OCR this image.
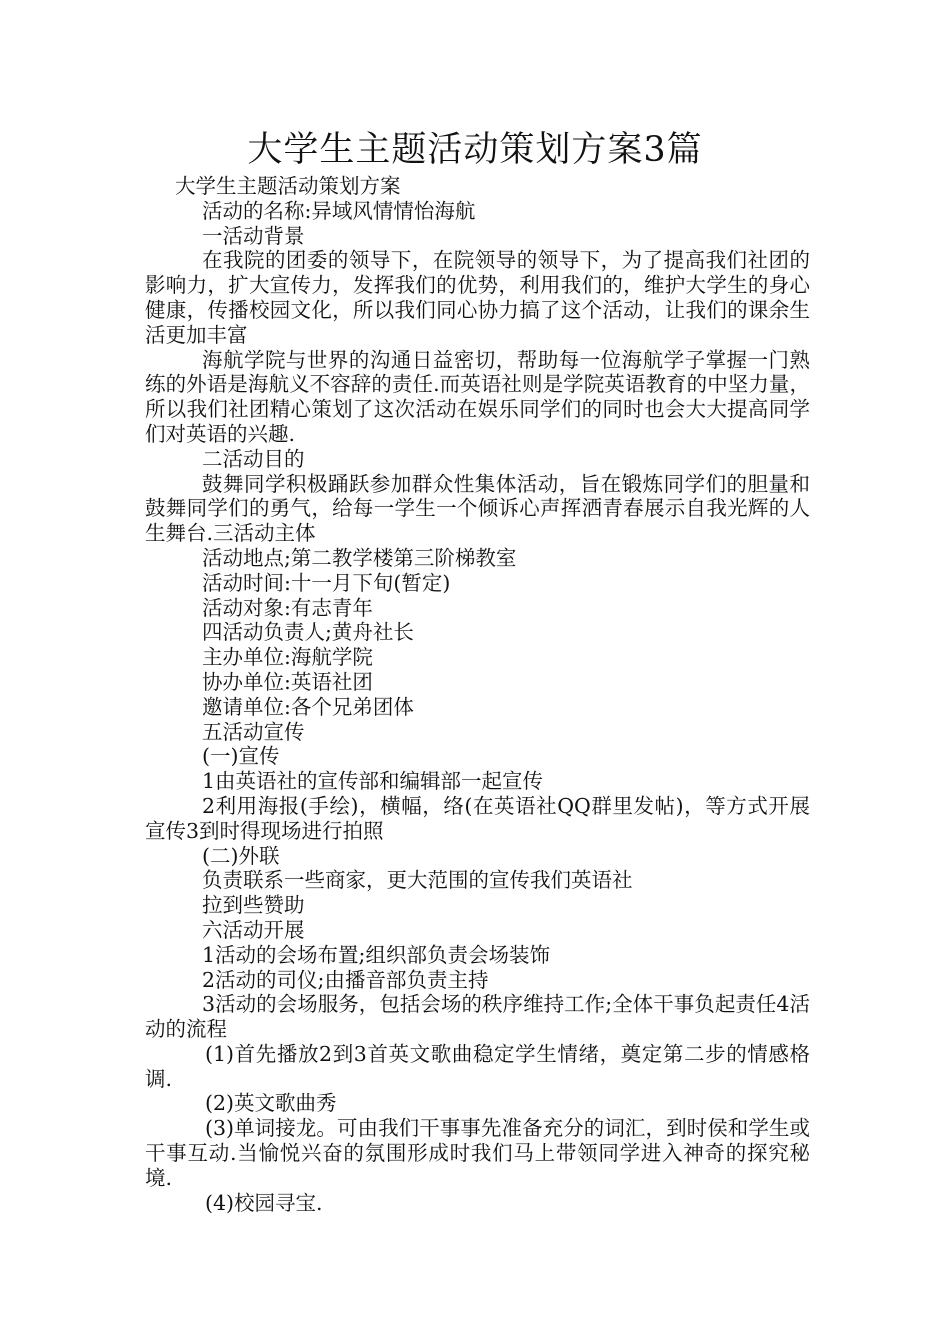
大学生主题活动策划方案3篇

大学生主题活动策划方案

活动的名称:异域风情情怡海航

一活动背景

在我院的团委的领导下，在院领导的领导下，为了提高我们社团的影响力，扩大宣传力，发挥我们的优势，利用我们的，维护大学生的身心健康，传播校园文化，所以我们同心协力搞了这个活动，让我们的课余生活更加丰富

海航学院与世界的沟通日益密切，帮助每一位海航学子掌握一门熟练的外语是海航义不容辞的责任.而英语社则是学院英语教育的中坚力量，所以我们社团精心策划了这次活动在娱乐同学们的同时也会大大提高同学们对英语的兴趣.

二活动目的

鼓舞同学积极踊跃参加群众性集体活动，旨在锻炼同学们的胆量和鼓舞同学们的勇气，给每一学生一个倾诉心声挥洒青春展示自我光辉的人生舞台.三活动主体

活动地点;第二教学楼第三阶梯教室

活动时间:十一月下旬(暂定)

活动对象:有志青年

四活动负责人;黄舟社长

主办单位:海航学院

协办单位:英语社团

邀请单位:各个兄弟团体

五活动宣传

(一)宣传

1由英语社的宣传部和编辑部一起宣传

2利用海报(手绘)，横幅，络(在英语社QQ群里发帖)，等方式开展宣传3到时得现场进行拍照

(二)外联

负责联系一些商家，更大范围的宣传我们英语社

拉到些赞助

六活动开展

1活动的会场布置;组织部负责会场装饰

2活动的司仪;由播音部负责主持

3活动的会场服务，包括会场的秩序维持工作;全体干事负起责任4活动的流程

(1)首先播放2到3首英文歌曲稳定学生情绪，奠定第二步的情感格调.

(2)英文歌曲秀

(3)单词接龙。可由我们干事事先准备充分的词汇，到时侯和学生或干事互动.当愉悦兴奋的氛围形成时我们马上带领同学进入神奇的探究秘境.

(4)校园寻宝.
